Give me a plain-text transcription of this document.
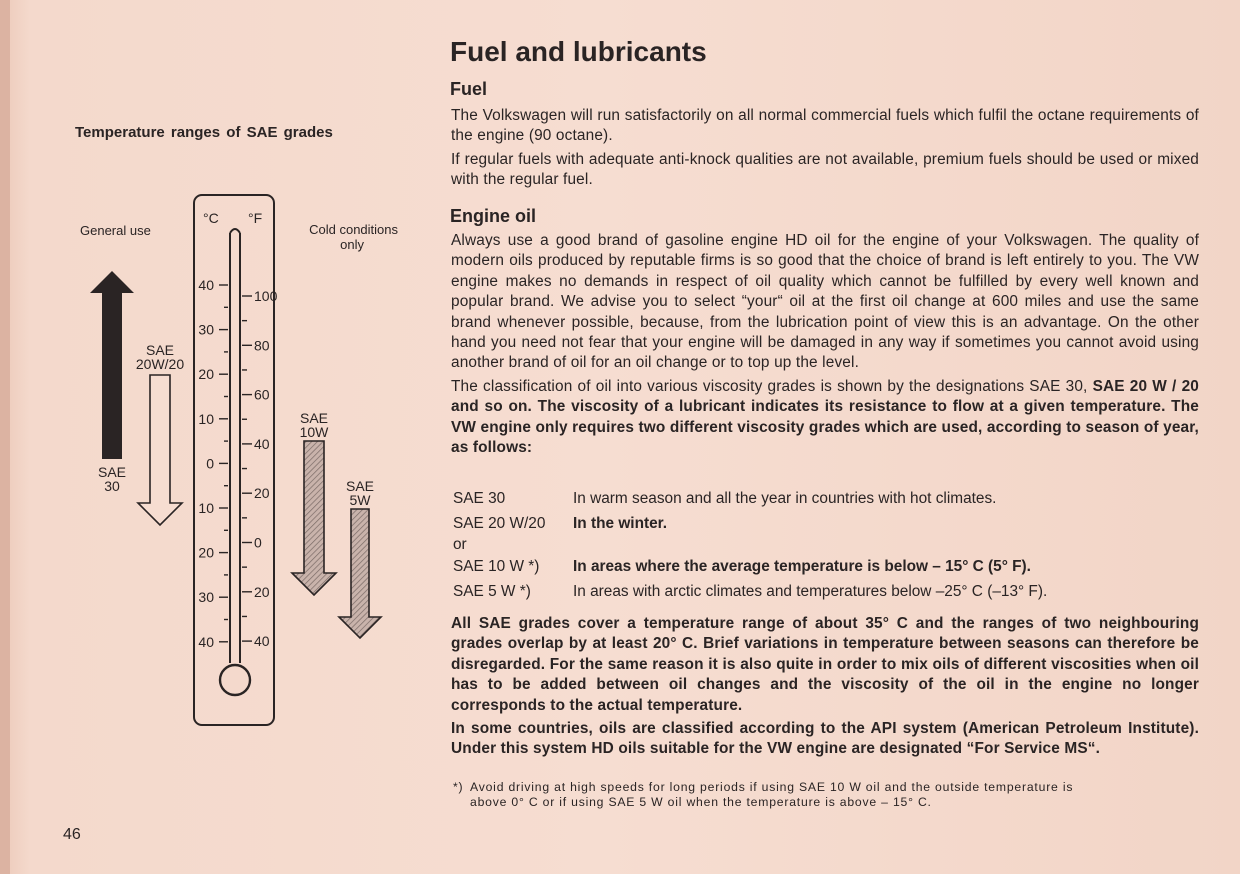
Temperature ranges of SAE grades
General use	Cold conditions
only
°C °F
40
30
20
10
0
10
20
30
40
100
80
60
40
20
0
20
40
SAE
30
SAE
20W/20
SAE
10W
SAE
5W
46
Fuel and lubricants
Fuel

The Volkswagen will run satisfactorily on all normal commercial fuels which fulfil the octane requirements of the engine (90 octane).

If regular fuels with adequate anti-knock qualities are not available, premium fuels should be used or mixed with the regular fuel.

Engine oil

Always use a good brand of gasoline engine HD oil for the engine of your Volkswagen. The quality of modern oils produced by reputable firms is so good that the choice of brand is left entirely to you. The VW engine makes no demands in respect of oil quality which cannot be fulfilled by every well known and popular brand. We advise you to select “your“ oil at the first oil change at 600 miles and use the same brand whenever possible, because, from the lubrication point of view this is an advantage. On the other hand you need not fear that your engine will be damaged in any way if sometimes you cannot avoid using another brand of oil for an oil change or to top up the level.

The classification of oil into various viscosity grades is shown by the designations SAE 30, SAE 20 W / 20 and so on. The viscosity of a lubricant indicates its resistance to flow at a given temperature. The VW engine only requires two different viscosity grades which are used, according to season of year, as follows:

SAE 30	In warm season and all the year in countries with hot climates.
SAE 20 W/20	In the winter.
or
SAE 10 W *)	In areas where the average temperature is below – 15° C (5° F).
SAE 5 W *)	In areas with arctic climates and temperatures below –25° C (–13° F).

All SAE grades cover a temperature range of about 35° C and the ranges of two neighbouring grades overlap by at least 20° C. Brief variations in temperature between seasons can therefore be disregarded. For the same reason it is also quite in order to mix oils of different viscosities when oil has to be added between oil changes and the viscosity of the oil in the engine no longer corresponds to the actual temperature.

In some countries, oils are classified according to the API system (American Petroleum Institute). Under this system HD oils suitable for the VW engine are designated “For Service MS“.

*) Avoid driving at high speeds for long periods if using SAE 10 W oil and the outside temperature is
above 0° C or if using SAE 5 W oil when the temperature is above – 15° C.
